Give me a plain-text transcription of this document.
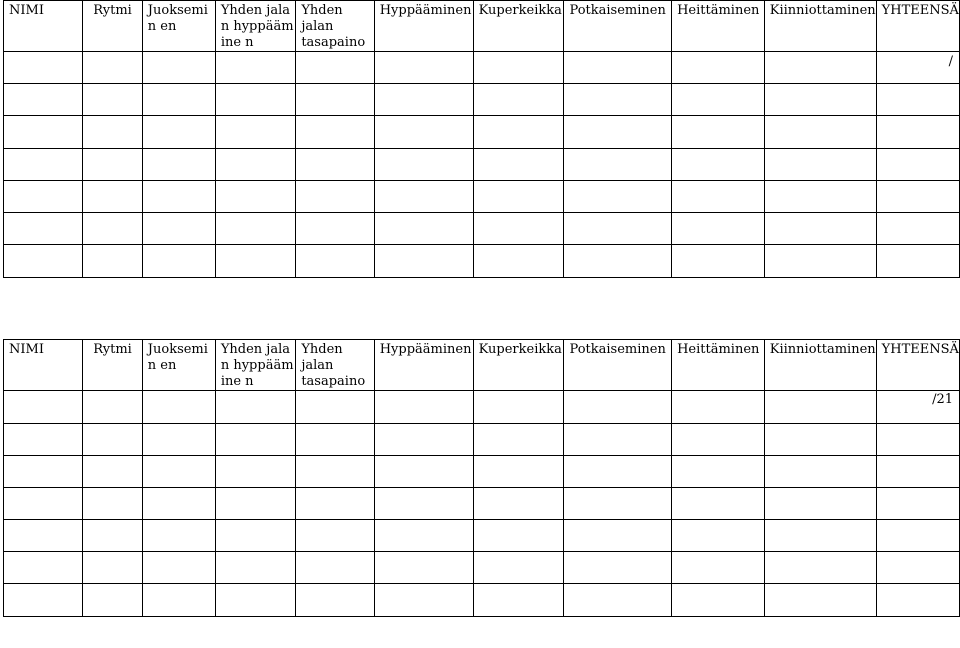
NIMI	Rytmi	Juoksemin en	Yhden jalan hyppäämine n	Yhden jalan tasapaino	Hyppääminen	Kuperkeikka	Potkaiseminen	Heittäminen	Kiinniottaminen	YHTEENSÄ

										/

NIMI	Rytmi	Juoksemin en	Yhden jalan hyppäämine n	Yhden jalan tasapaino	Hyppääminen	Kuperkeikka	Potkaiseminen	Heittäminen	Kiinniottaminen	YHTEENSÄ

										/21
